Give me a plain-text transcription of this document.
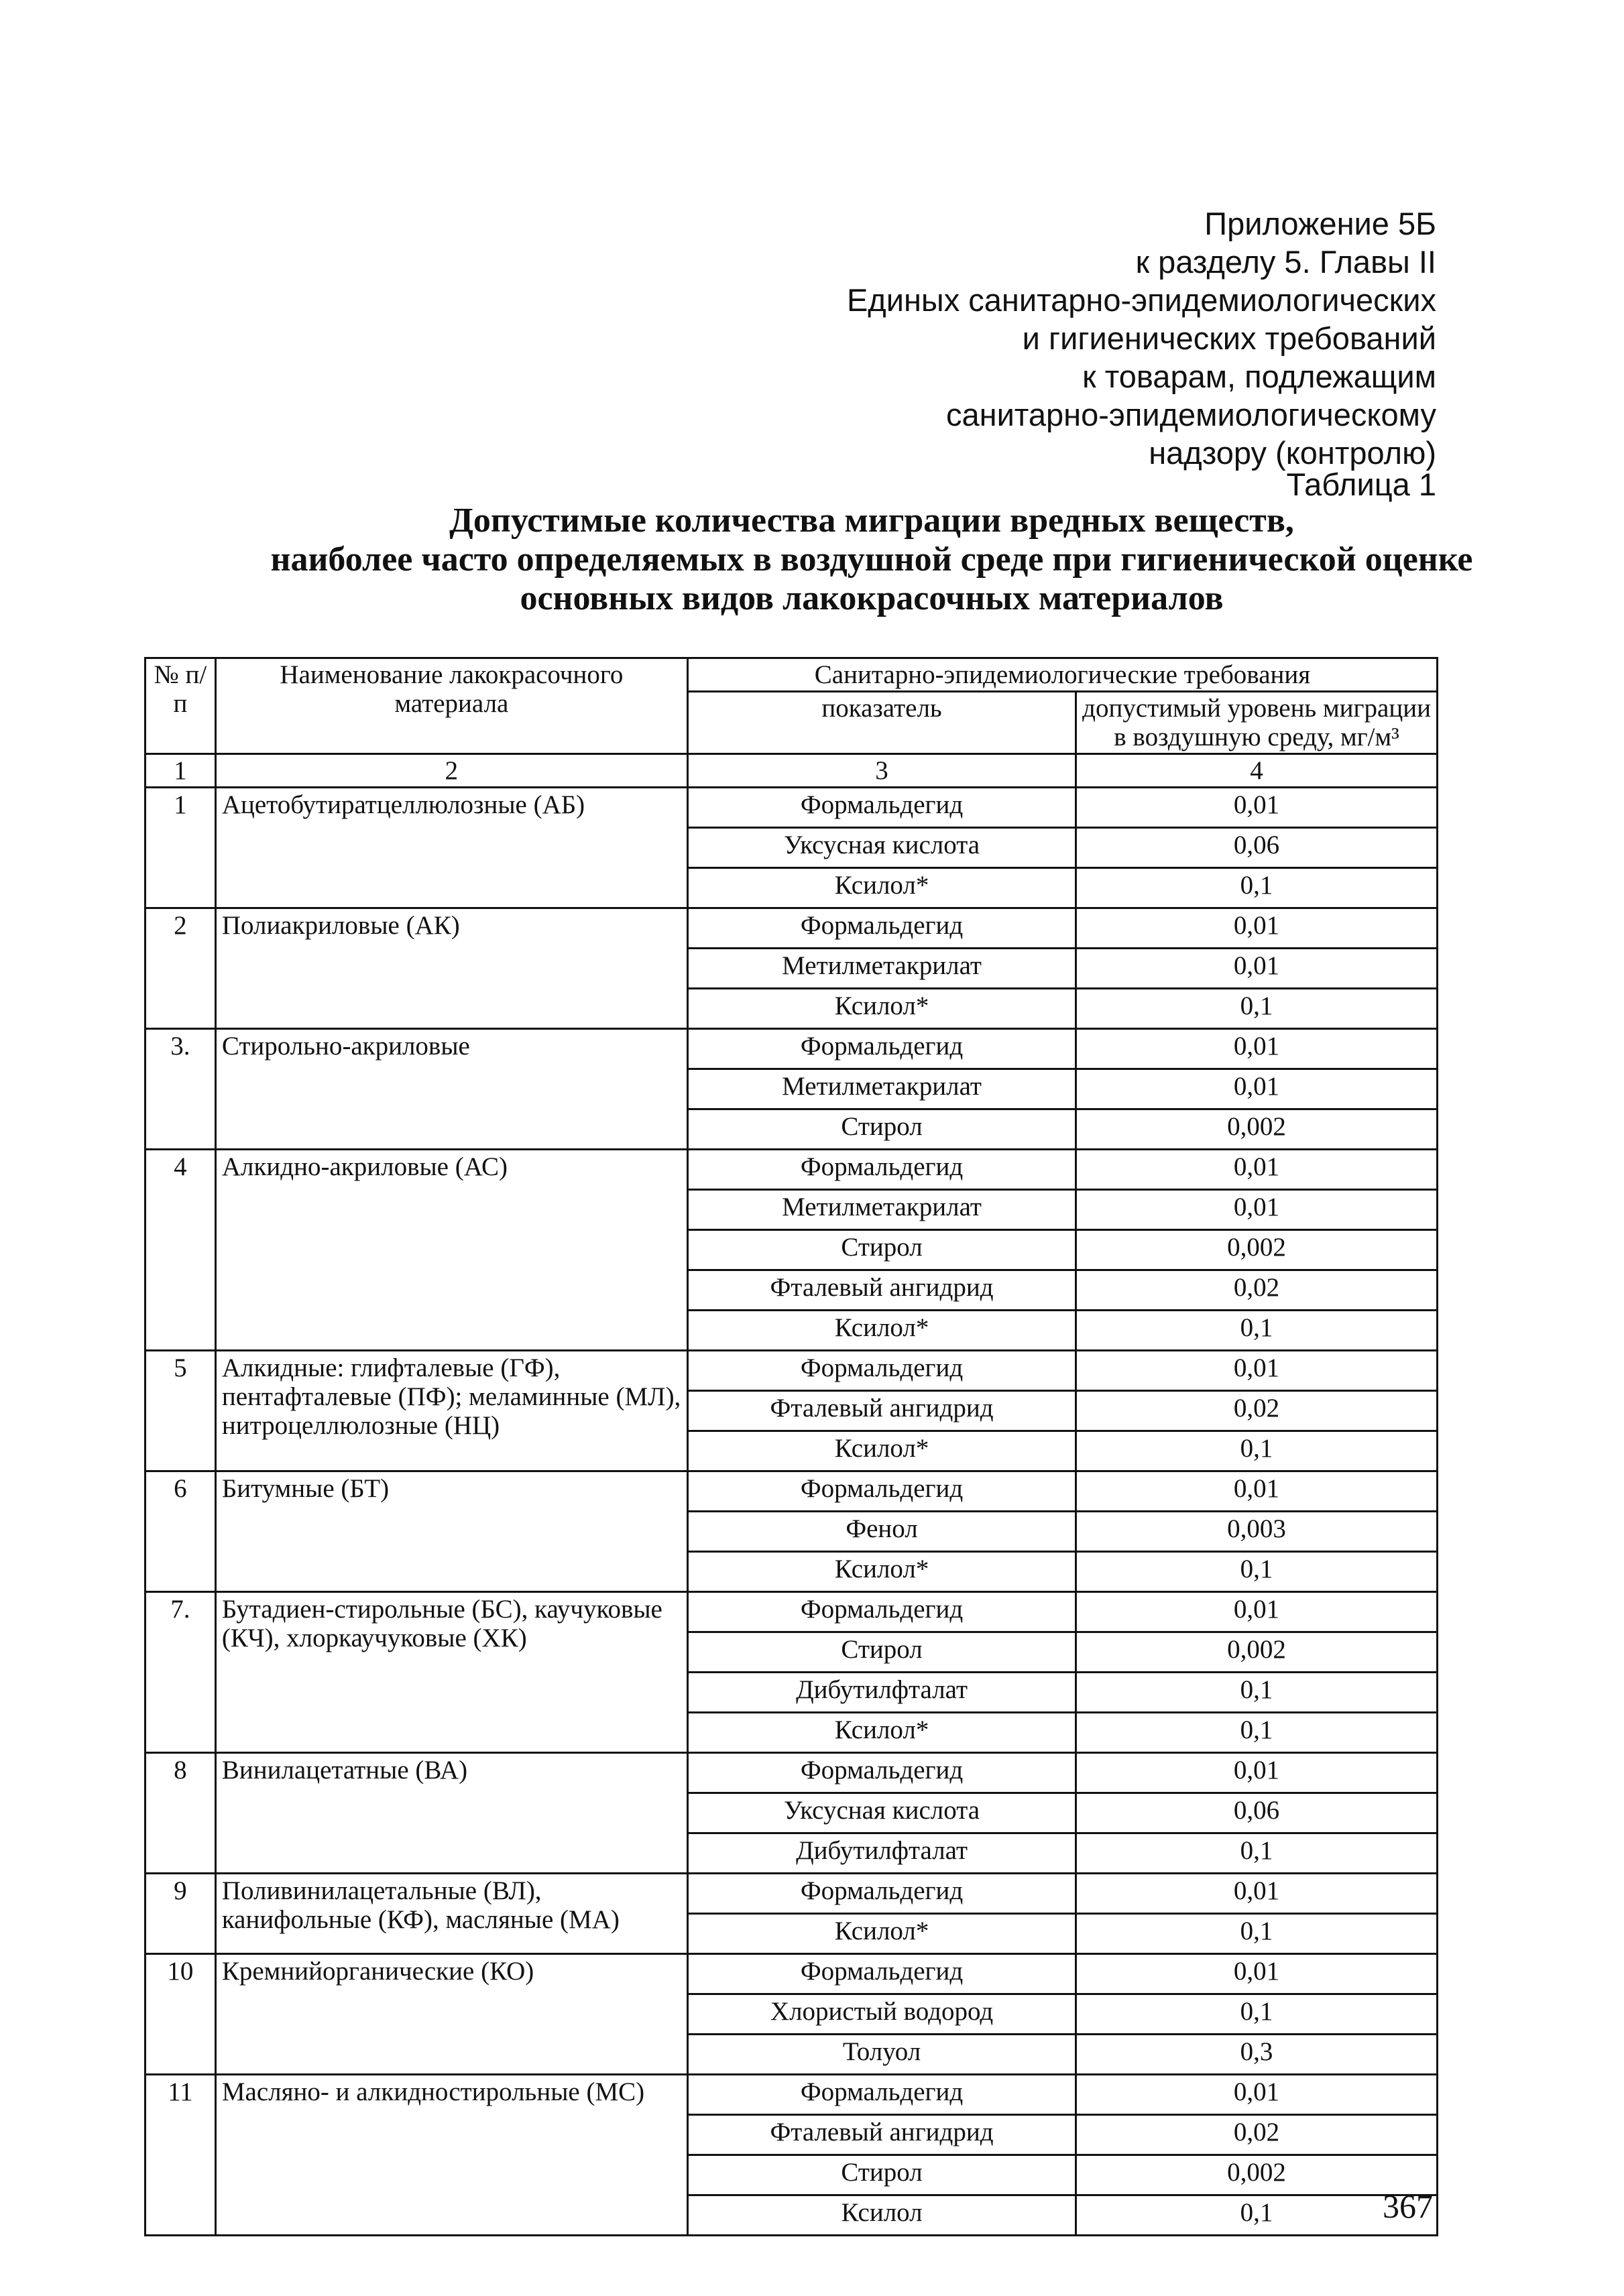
Приложение 5Б
к разделу 5. Главы II
Единых санитарно-эпидемиологических
и гигиенических требований
к товарам, подлежащим
санитарно-эпидемиологическому
надзору (контролю)
Таблица 1
Допустимые количества миграции вредных веществ,
наиболее часто определяемых в воздушной среде при гигиенической оценке
основных видов лакокрасочных материалов
№ п/п	Наименование лакокрасочного материала	Санитарно-эпидемиологические требования	
		показатель	допустимый уровень миграции в воздушную среду, мг/м³
1	2	3	4
1	Ацетобутиратцеллюлозные (АБ)	Формальдегид	0,01
		Уксусная кислота	0,06
		Ксилол*	0,1
2	Полиакриловые (АК)	Формальдегид	0,01
		Метилметакрилат	0,01
		Ксилол*	0,1
3.	Стирольно-акриловые	Формальдегид	0,01
		Метилметакрилат	0,01
		Стирол	0,002
4	Алкидно-акриловые (АС)	Формальдегид	0,01
		Метилметакрилат	0,01
		Стирол	0,002
		Фталевый ангидрид	0,02
		Ксилол*	0,1
5	Алкидные: глифталевые (ГФ), пентафталевые (ПФ); меламинные (МЛ), нитроцеллюлозные (НЦ)	Формальдегид	0,01
		Фталевый ангидрид	0,02
		Ксилол*	0,1
6	Битумные (БТ)	Формальдегид	0,01
		Фенол	0,003
		Ксилол*	0,1
7.	Бутадиен-стирольные (БС), каучуковые (КЧ), хлоркаучуковые (ХК)	Формальдегид	0,01
		Стирол	0,002
		Дибутилфталат	0,1
		Ксилол*	0,1
8	Винилацетатные (ВА)	Формальдегид	0,01
		Уксусная кислота	0,06
		Дибутилфталат	0,1
9	Поливинилацетальные (ВЛ), канифольные (КФ), масляные (МА)	Формальдегид	0,01
		Ксилол*	0,1
10	Кремнийорганические (КО)	Формальдегид	0,01
		Хлористый водород	0,1
		Толуол	0,3
11	Масляно- и алкидностирольные (МС)	Формальдегид	0,01
		Фталевый ангидрид	0,02
		Стирол	0,002
		Ксилол	0,1	367
